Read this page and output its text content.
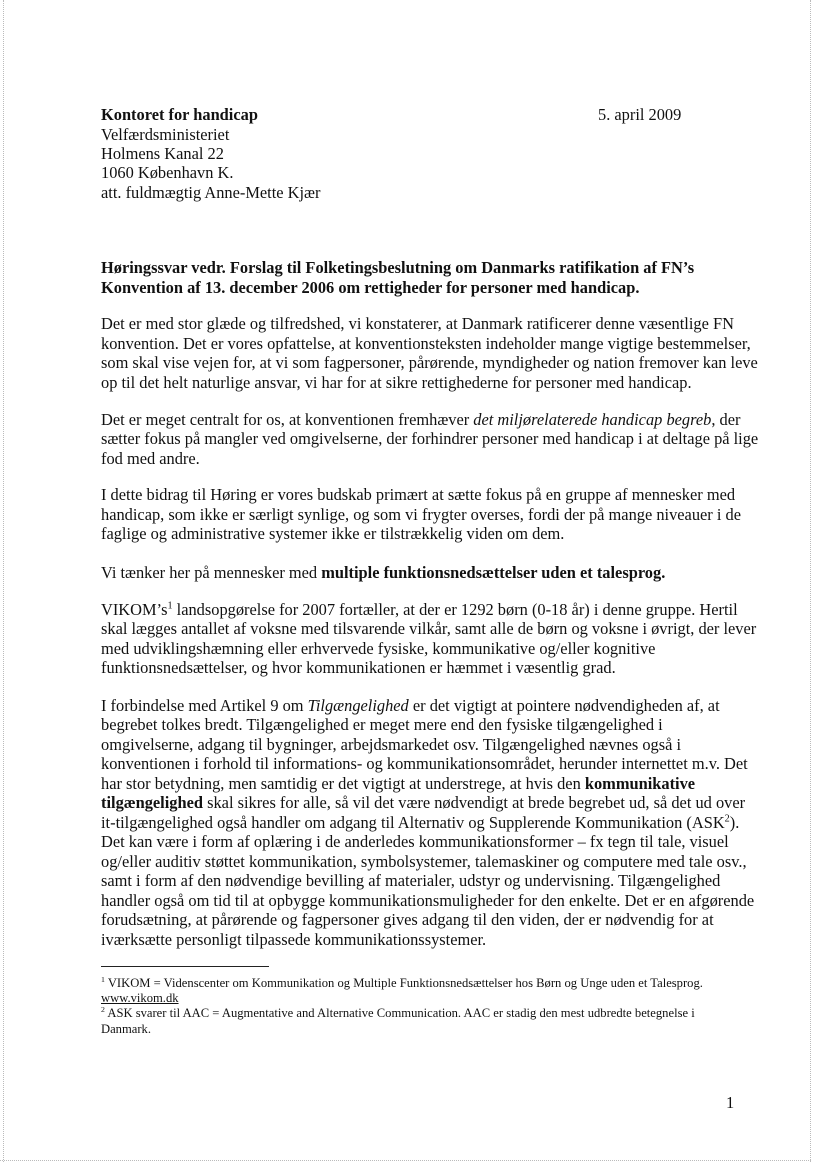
5. april 2009
Kontoret for handicap
Velfærdsministeriet
Holmens Kanal 22
1060 København K.
att. fuldmægtig Anne-Mette Kjær
Høringssvar vedr. Forslag til Folketingsbeslutning om Danmarks ratifikation af FN’s
Konvention af 13. december 2006 om rettigheder for personer med handicap.
Det er med stor glæde og tilfredshed, vi konstaterer, at Danmark ratificerer denne væsentlige FN
konvention. Det er vores opfattelse, at konventionsteksten indeholder mange vigtige bestemmelser,
som skal vise vejen for, at vi som fagpersoner, pårørende, myndigheder og nation fremover kan leve
op til det helt naturlige ansvar, vi har for at sikre rettighederne for personer med handicap.
Det er meget centralt for os, at konventionen fremhæver det miljørelaterede handicap begreb, der
sætter fokus på mangler ved omgivelserne, der forhindrer personer med handicap i at deltage på lige
fod med andre.
I dette bidrag til Høring er vores budskab primært at sætte fokus på en gruppe af mennesker med
handicap, som ikke er særligt synlige, og som vi frygter overses, fordi der på mange niveauer i de
faglige og administrative systemer ikke er tilstrækkelig viden om dem.
Vi tænker her på mennesker med multiple funktionsnedsættelser uden et talesprog.
$VIKOM’s^1$ landsopgørelse for 2007 fortæller, at der er 1292 børn (0-18 år) i denne gruppe. Hertil
skal lægges antallet af voksne med tilsvarende vilkår, samt alle de børn og voksne i øvrigt, der lever
med udviklingshæmning eller erhvervede fysiske, kommunikative og/eller kognitive
funktionsnedsættelser, og hvor kommunikationen er hæmmet i væsentlig grad.
I forbindelse med Artikel 9 om Tilgængelighed er det vigtigt at pointere nødvendigheden af, at
begrebet tolkes bredt. Tilgængelighed er meget mere end den fysiske tilgængelighed i
omgivelserne, adgang til bygninger, arbejdsmarkedet osv. Tilgængelighed nævnes også i
konventionen i forhold til informations- og kommunikationsområdet, herunder internettet m.v. Det
har stor betydning, men samtidig er det vigtigt at understrege, at hvis den kommunikative
tilgængelighed skal sikres for alle, så vil det være nødvendigt at brede begrebet ud, så det ud over
it-tilgængelighed også handler om adgang til Alternativ og Supplerende Kommunikation (ASK$^2$).
Det kan være i form af oplæring i de anderledes kommunikationsformer – fx tegn til tale, visuel
og/eller auditiv støttet kommunikation, symbolsystemer, talemaskiner og computere med tale osv.,
samt i form af den nødvendige bevilling af materialer, udstyr og undervisning. Tilgængelighed
handler også om tid til at opbygge kommunikationsmuligheder for den enkelte. Det er en afgørende
forudsætning, at pårørende og fagpersoner gives adgang til den viden, der er nødvendig for at
iværksætte personligt tilpassede kommunikationssystemer.
$^1$ VIKOM = Videnscenter om Kommunikation og Multiple Funktionsnedsættelser hos Børn og Unge uden et Talesprog.
www.vikom.dk
$^2$ ASK svarer til AAC = Augmentative and Alternative Communication. AAC er stadig den mest udbredte betegnelse i
Danmark.
1
